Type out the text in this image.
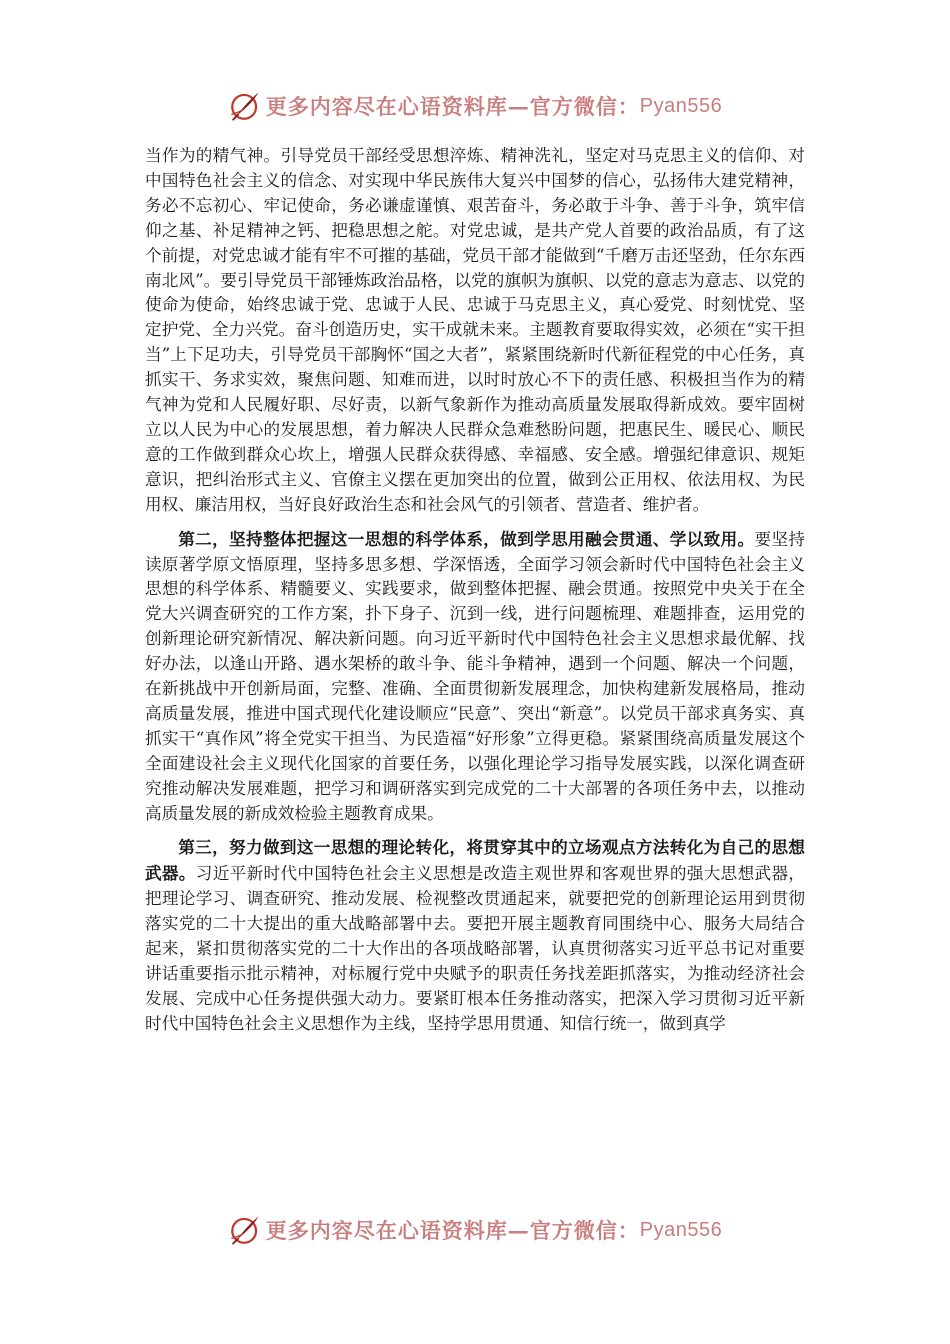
更多内容尽在心语资料库—官方微信： Pyan556

当作为的精气神。引导党员干部经受思想淬炼、精神洗礼，坚定对马克思主义的信仰、对中国特色社会主义的信念、对实现中华民族伟大复兴中国梦的信心，弘扬伟大建党精神，务必不忘初心、牢记使命，务必谦虚谨慎、艰苦奋斗，务必敢于斗争、善于斗争，筑牢信仰之基、补足精神之钙、把稳思想之舵。对党忠诚，是共产党人首要的政治品质，有了这个前提，对党忠诚才能有牢不可摧的基础，党员干部才能做到“千磨万击还坚劲，任尔东西南北风”。要引导党员干部锤炼政治品格，以党的旗帜为旗帜、以党的意志为意志、以党的使命为使命，始终忠诚于党、忠诚于人民、忠诚于马克思主义，真心爱党、时刻忧党、坚定护党、全力兴党。奋斗创造历史，实干成就未来。主题教育要取得实效，必须在“实干担当”上下足功夫，引导党员干部胸怀“国之大者”，紧紧围绕新时代新征程党的中心任务，真抓实干、务求实效，聚焦问题、知难而进，以时时放心不下的责任感、积极担当作为的精气神为党和人民履好职、尽好责，以新气象新作为推动高质量发展取得新成效。要牢固树立以人民为中心的发展思想，着力解决人民群众急难愁盼问题，把惠民生、暖民心、顺民意的工作做到群众心坎上，增强人民群众获得感、幸福感、安全感。增强纪律意识、规矩意识，把纠治形式主义、官僚主义摆在更加突出的位置，做到公正用权、依法用权、为民用权、廉洁用权，当好良好政治生态和社会风气的引领者、营造者、维护者。

第二，坚持整体把握这一思想的科学体系，做到学思用融会贯通、学以致用。要坚持读原著学原文悟原理，坚持多思多想、学深悟透，全面学习领会新时代中国特色社会主义思想的科学体系、精髓要义、实践要求，做到整体把握、融会贯通。按照党中央关于在全党大兴调查研究的工作方案，扑下身子、沉到一线，进行问题梳理、难题排查，运用党的创新理论研究新情况、解决新问题。向习近平新时代中国特色社会主义思想求最优解、找好办法，以逢山开路、遇水架桥的敢斗争、能斗争精神，遇到一个问题、解决一个问题，在新挑战中开创新局面，完整、准确、全面贯彻新发展理念，加快构建新发展格局，推动高质量发展，推进中国式现代化建设顺应“民意”、突出“新意”。以党员干部求真务实、真抓实干“真作风”将全党实干担当、为民造福“好形象”立得更稳。紧紧围绕高质量发展这个全面建设社会主义现代化国家的首要任务，以强化理论学习指导发展实践，以深化调查研究推动解决发展难题，把学习和调研落实到完成党的二十大部署的各项任务中去，以推动高质量发展的新成效检验主题教育成果。

第三，努力做到这一思想的理论转化，将贯穿其中的立场观点方法转化为自己的思想武器。习近平新时代中国特色社会主义思想是改造主观世界和客观世界的强大思想武器，把理论学习、调查研究、推动发展、检视整改贯通起来，就要把党的创新理论运用到贯彻落实党的二十大提出的重大战略部署中去。要把开展主题教育同围绕中心、服务大局结合起来，紧扣贯彻落实党的二十大作出的各项战略部署，认真贯彻落实习近平总书记对重要讲话重要指示批示精神，对标履行党中央赋予的职责任务找差距抓落实，为推动经济社会发展、完成中心任务提供强大动力。要紧盯根本任务推动落实，把深入学习贯彻习近平新时代中国特色社会主义思想作为主线，坚持学思用贯通、知信行统一，做到真学

更多内容尽在心语资料库—官方微信： Pyan556
